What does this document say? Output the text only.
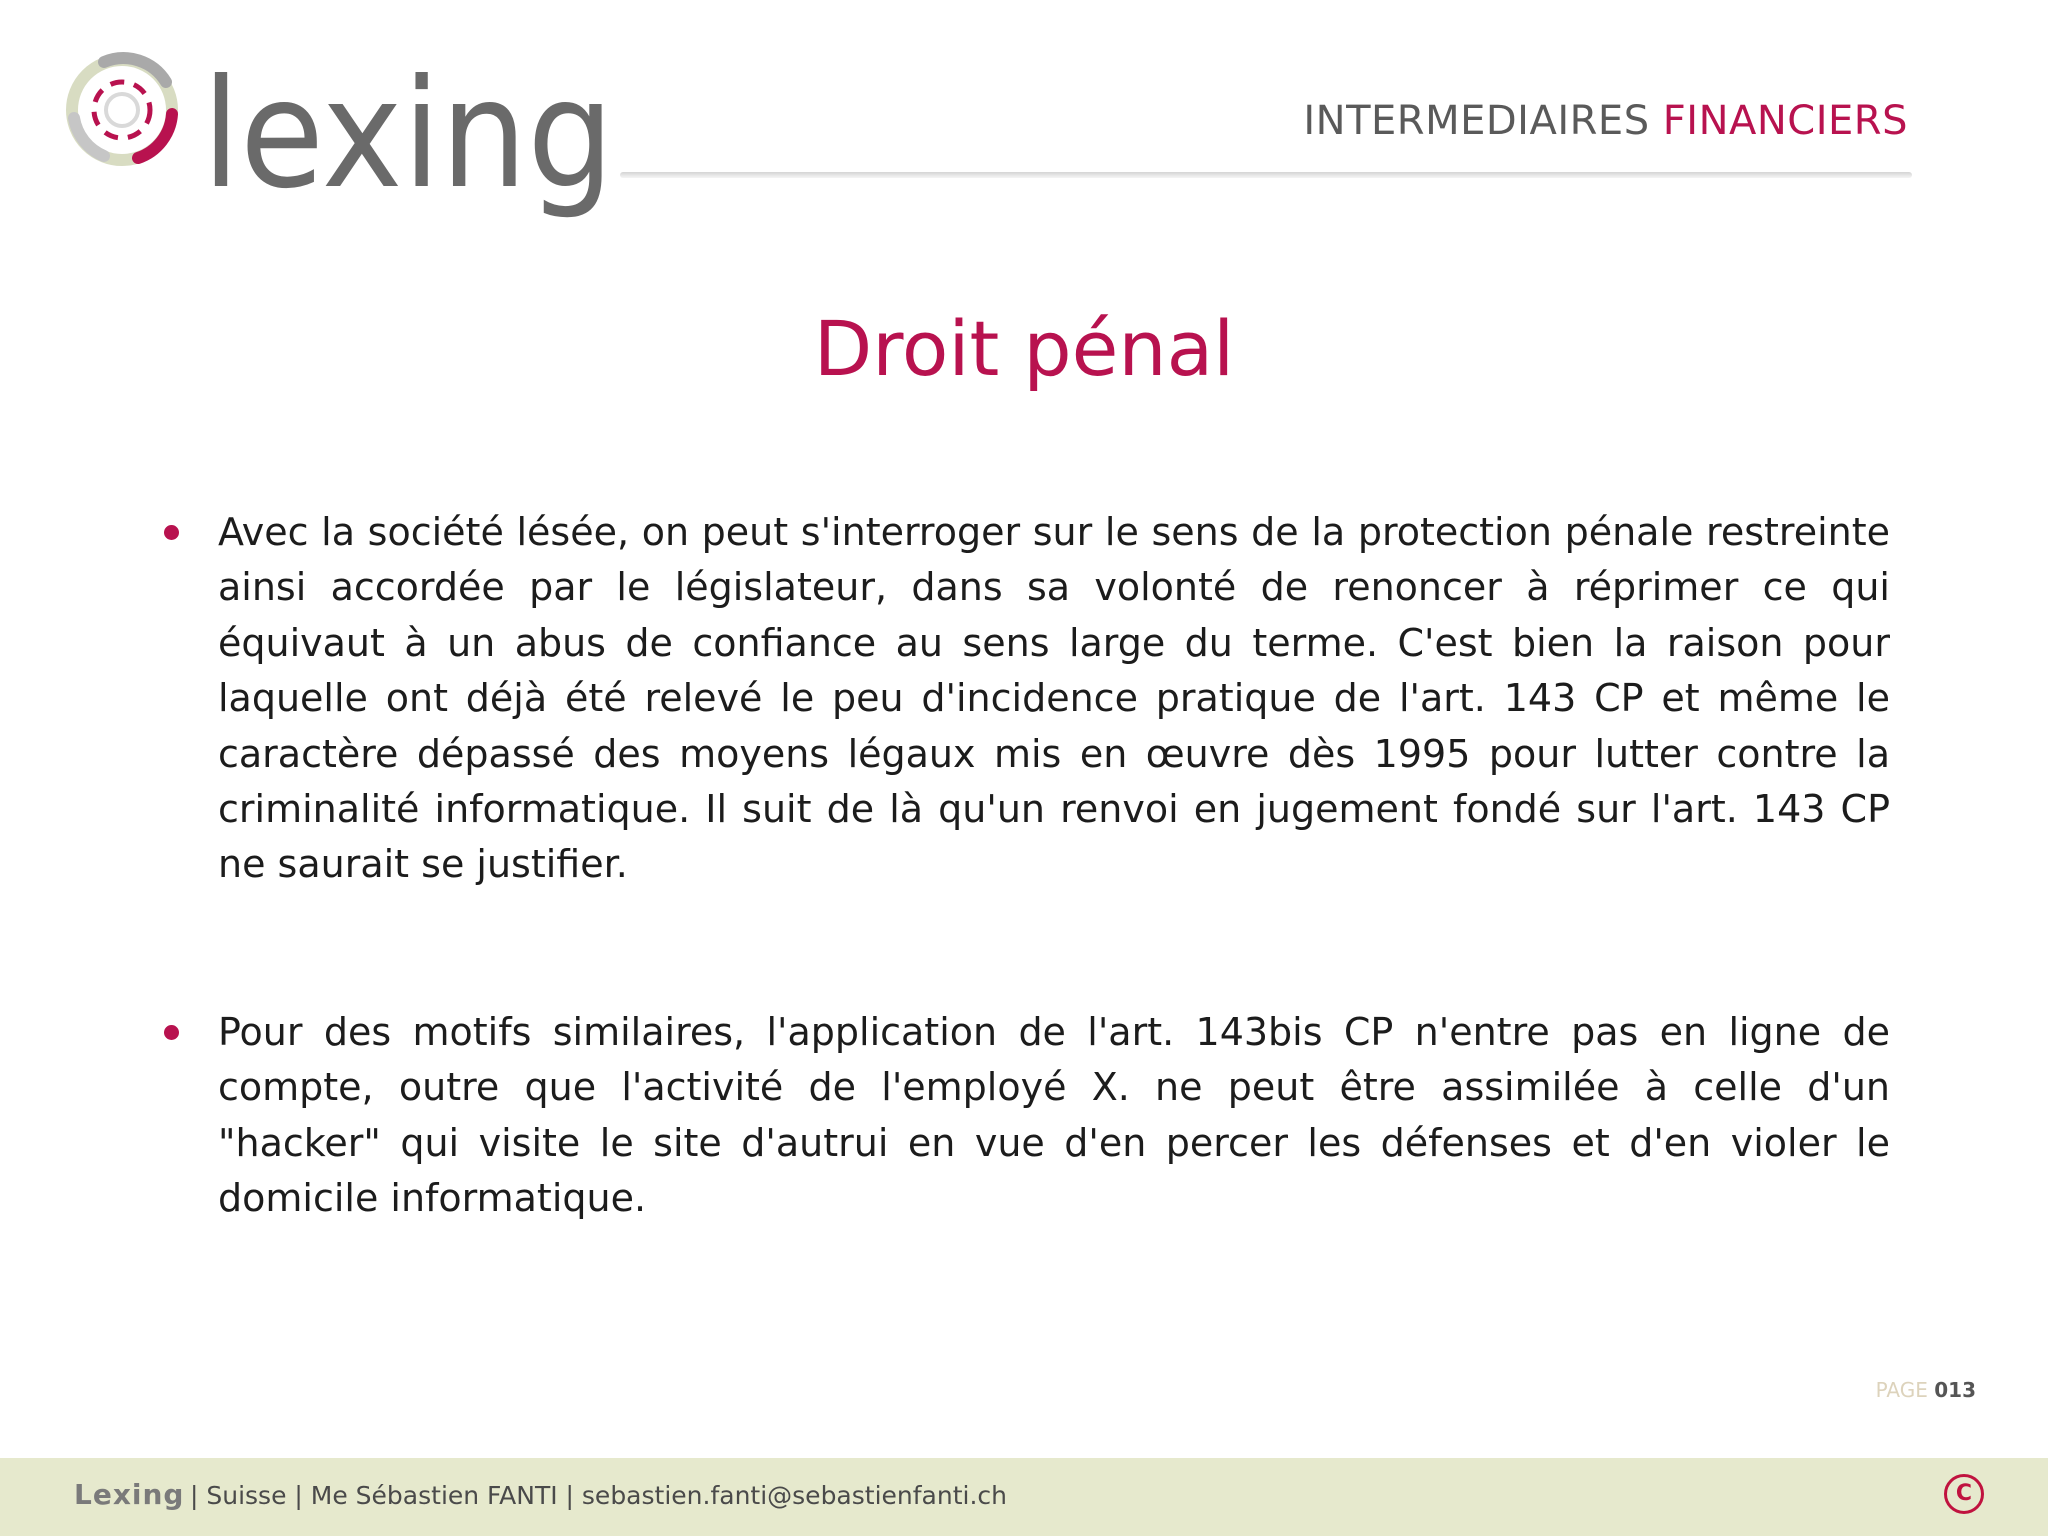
lexing	INTERMEDIAIRES FINANCIERS
Droit pénal
Avec la société lésée, on peut s'interroger sur le sens de la protection pénale restreinte ainsi accordée par le législateur, dans sa volonté de renoncer à réprimer ce qui équivaut à un abus de confiance au sens large du terme. C'est bien la raison pour laquelle ont déjà été relevé le peu d'incidence pratique de l'art. 143 CP et même le caractère dépassé des moyens légaux mis en œuvre dès 1995 pour lutter contre la criminalité informatique. Il suit de là qu'un renvoi en jugement fondé sur l'art. 143 CP ne saurait se justifier.
Pour des motifs similaires, l'application de l'art. 143bis CP n'entre pas en ligne de compte, outre que l'activité de l'employé X. ne peut être assimilée à celle d'un "hacker" qui visite le site d'autrui en vue d'en percer les défenses et d'en violer le domicile informatique.
PAGE 013
Lexing | Suisse | Me Sébastien FANTI | sebastien.fanti@sebastienfanti.ch	C
